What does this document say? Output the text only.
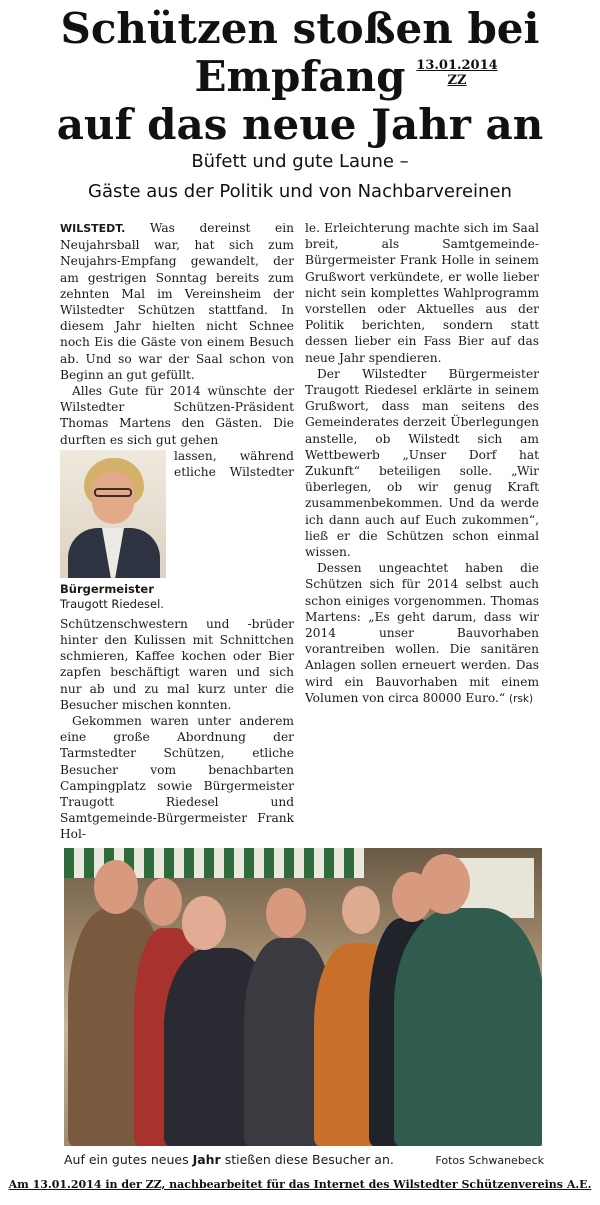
Schützen stoßen bei
Empfang 13.01.2014
ZZ
auf das neue Jahr an
Büfett und gute Laune –
Gäste aus der Politik und von Nachbarvereinen

WILSTEDT. Was dereinst ein Neujahrsball war, hat sich zum Neujahrs-Empfang gewandelt, der am gestrigen Sonntag bereits zum zehnten Mal im Vereinsheim der Wilstedter Schützen stattfand. In diesem Jahr hielten nicht Schnee noch Eis die Gäste von einem Besuch ab. Und so war der Saal schon von Beginn an gut gefüllt.

Alles Gute für 2014 wünschte der Wilstedter Schützen-Präsident Thomas Martens den Gästen. Die durften es sich gut gehen

Bürgermeister
Traugott Riedesel.

lassen, während etliche Wilstedter Schützenschwestern und -brüder hinter den Kulissen mit Schnittchen schmieren, Kaffee kochen oder Bier zapfen beschäftigt waren und sich nur ab und zu mal kurz unter die Besucher mischen konnten.

Gekommen waren unter anderem eine große Abordnung der Tarmstedter Schützen, etliche Besucher vom benachbarten Campingplatz sowie Bürgermeister Traugott Riedesel und Samtgemeinde-Bürgermeister Frank Hol-

le. Erleichterung machte sich im Saal breit, als Samtgemeinde-Bürgermeister Frank Holle in seinem Grußwort verkündete, er wolle lieber nicht sein komplettes Wahlprogramm vorstellen oder Aktuelles aus der Politik berichten, sondern statt dessen lieber ein Fass Bier auf das neue Jahr spendieren.

Der Wilstedter Bürgermeister Traugott Riedesel erklärte in seinem Grußwort, dass man seitens des Gemeinderates derzeit Überlegungen anstelle, ob Wilstedt sich am Wettbewerb „Unser Dorf hat Zukunft“ beteiligen solle. „Wir überlegen, ob wir genug Kraft zusammenbekommen. Und da werde ich dann auch auf Euch zukommen“, ließ er die Schützen schon einmal wissen.

Dessen ungeachtet haben die Schützen sich für 2014 selbst auch schon einiges vorgenommen. Thomas Martens: „Es geht darum, dass wir 2014 unser Bauvorhaben vorantreiben wollen. Die sanitären Anlagen sollen erneuert werden. Das wird ein Bauvorhaben mit einem Volumen von circa 80000 Euro.“ (rsk)

Auf ein gutes neues Jahr stießen diese Besucher an.	Fotos Schwanebeck
Am 13.01.2014 in der ZZ, nachbearbeitet für das Internet des Wilstedter Schützenvereins A.E.
